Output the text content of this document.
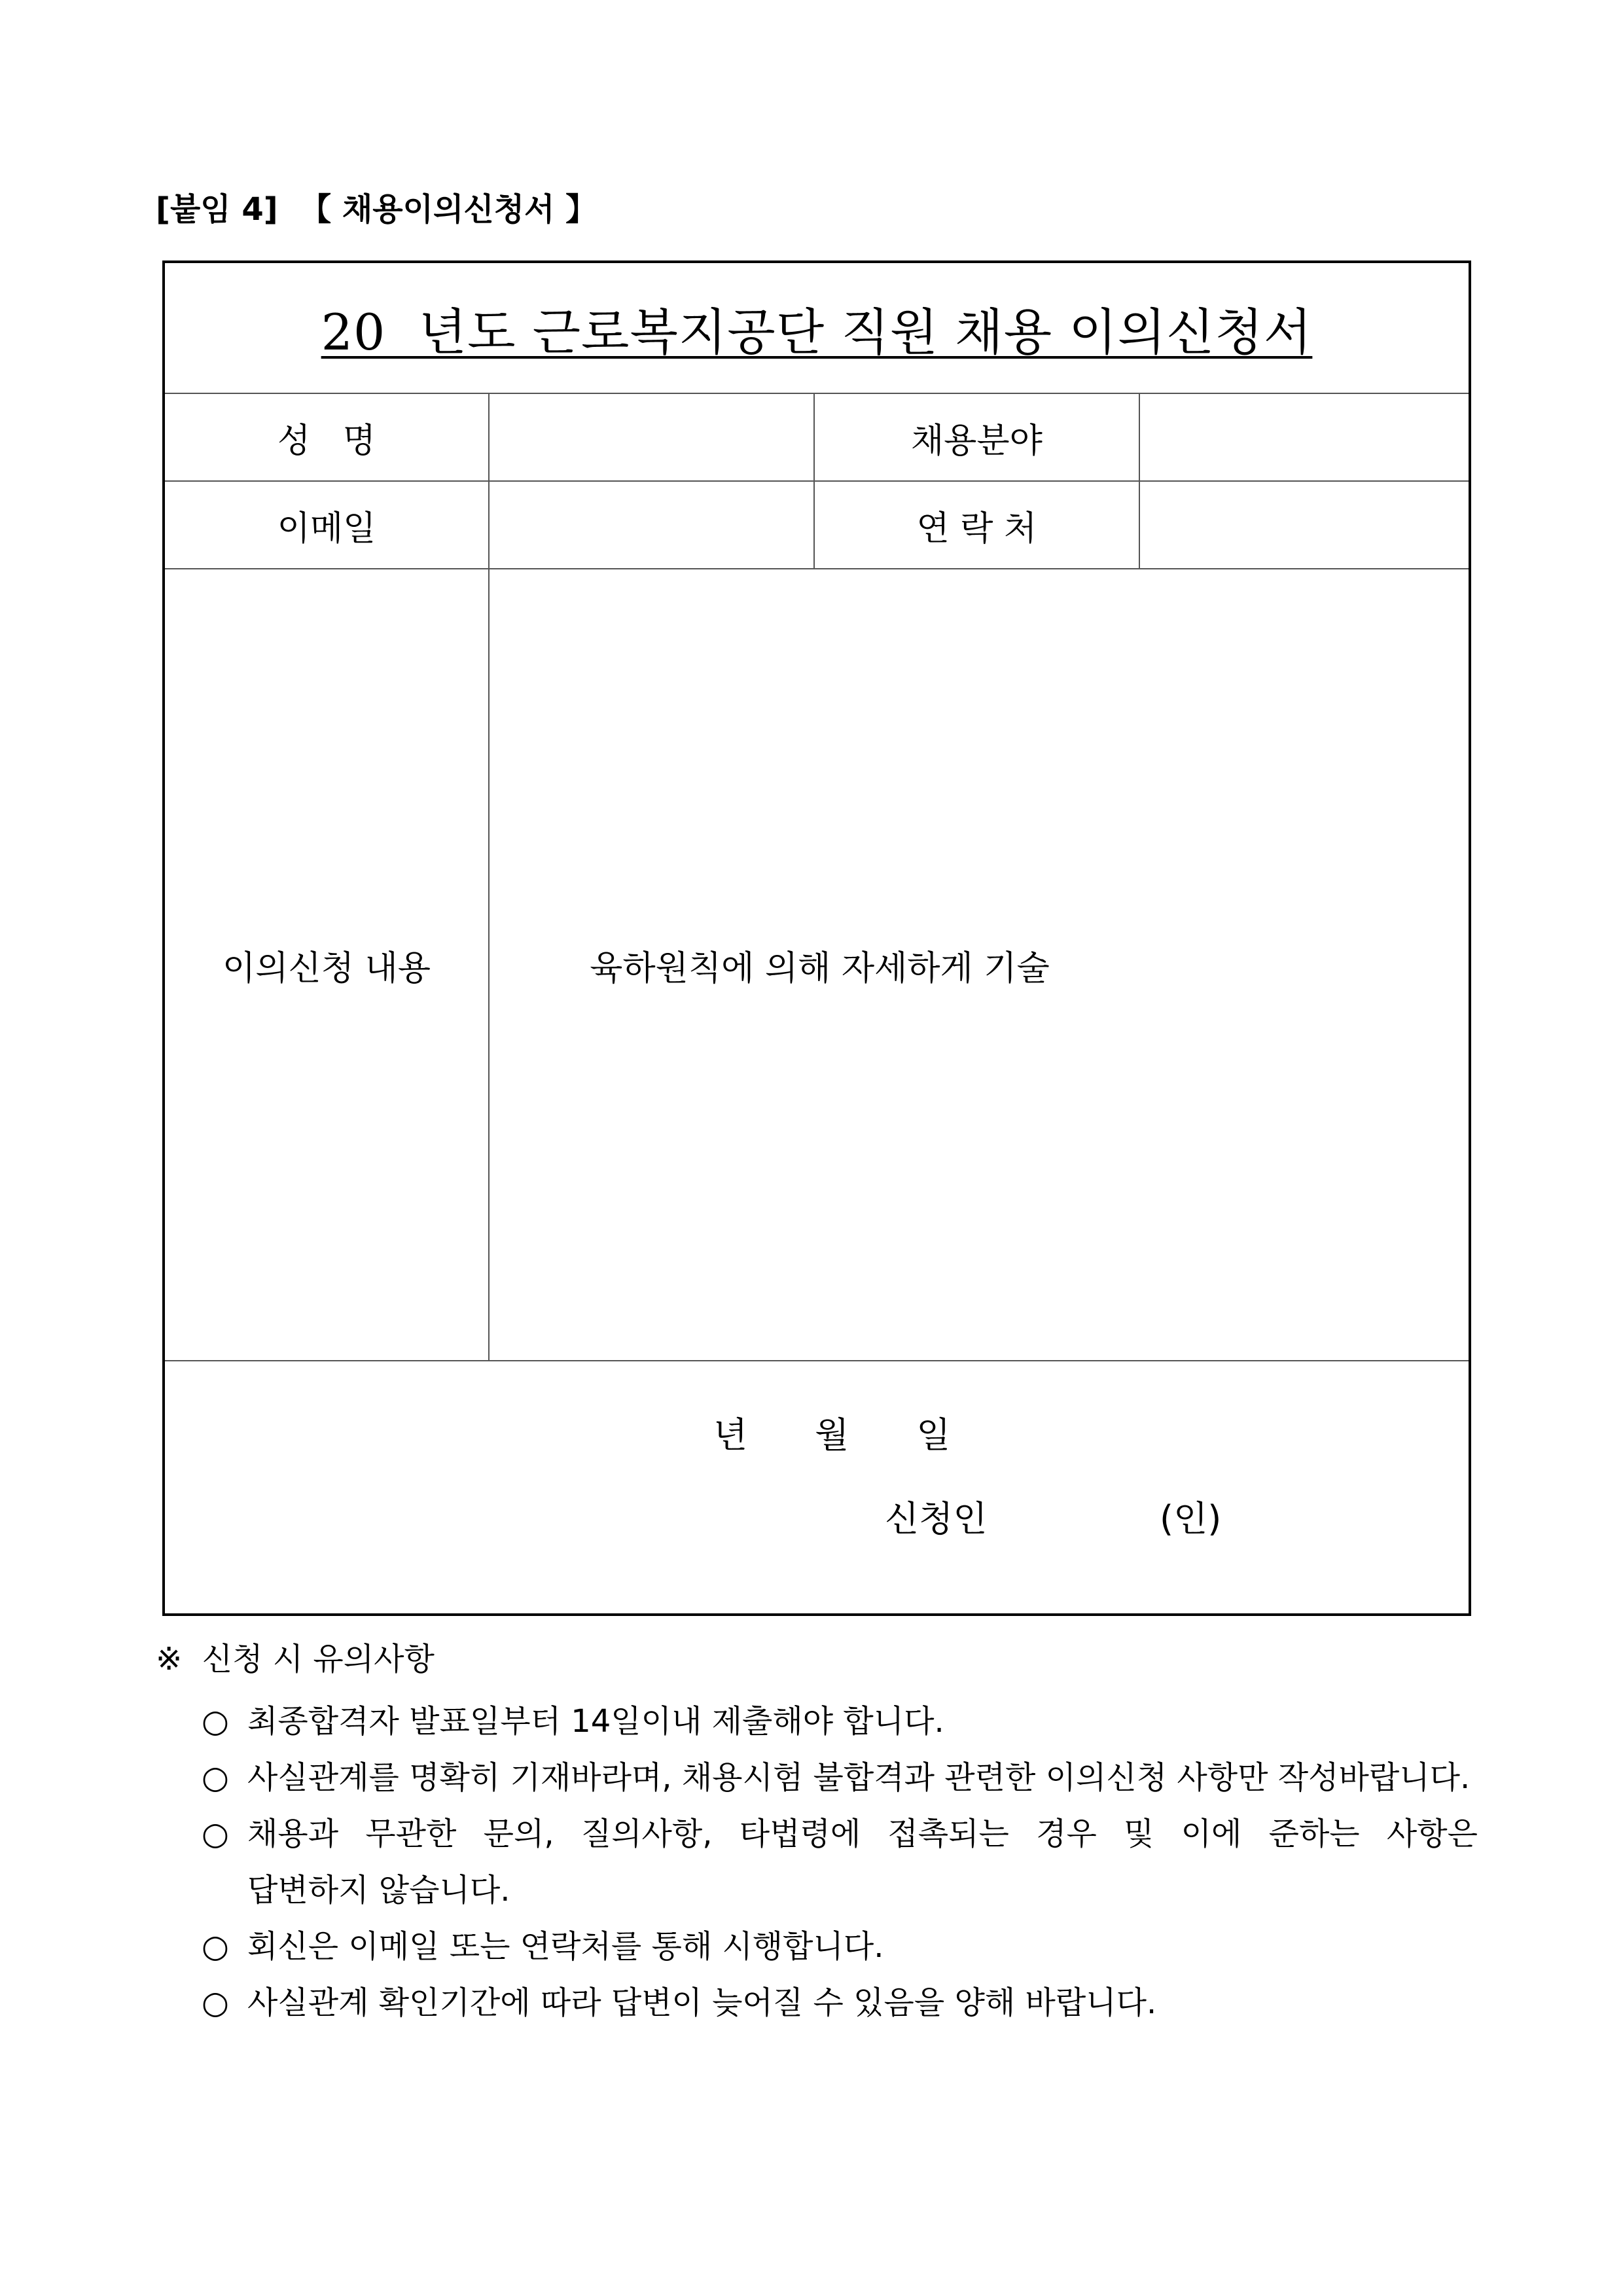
[붙임 4]  【 채용이의신청서 】
20  년도 근로복지공단 직원 채용 이의신청서			
성   명		채용분야	
이메일		연 락 처	
이의신청 내용	육하원칙에 의해 자세하게 기술		

년      월      일
신청인 (인)			
※  신청 시 유의사항
○ 최종합격자 발표일부터 14일이내 제출해야 합니다.
○ 사실관계를 명확히 기재바라며, 채용시험 불합격과 관련한 이의신청 사항만 작성바랍니다.
○ 채용과 무관한 문의, 질의사항, 타법령에 접촉되는 경우 및 이에 준하는 사항은
답변하지 않습니다.
○ 회신은 이메일 또는 연락처를 통해 시행합니다.
○ 사실관계 확인기간에 따라 답변이 늦어질 수 있음을 양해 바랍니다.
